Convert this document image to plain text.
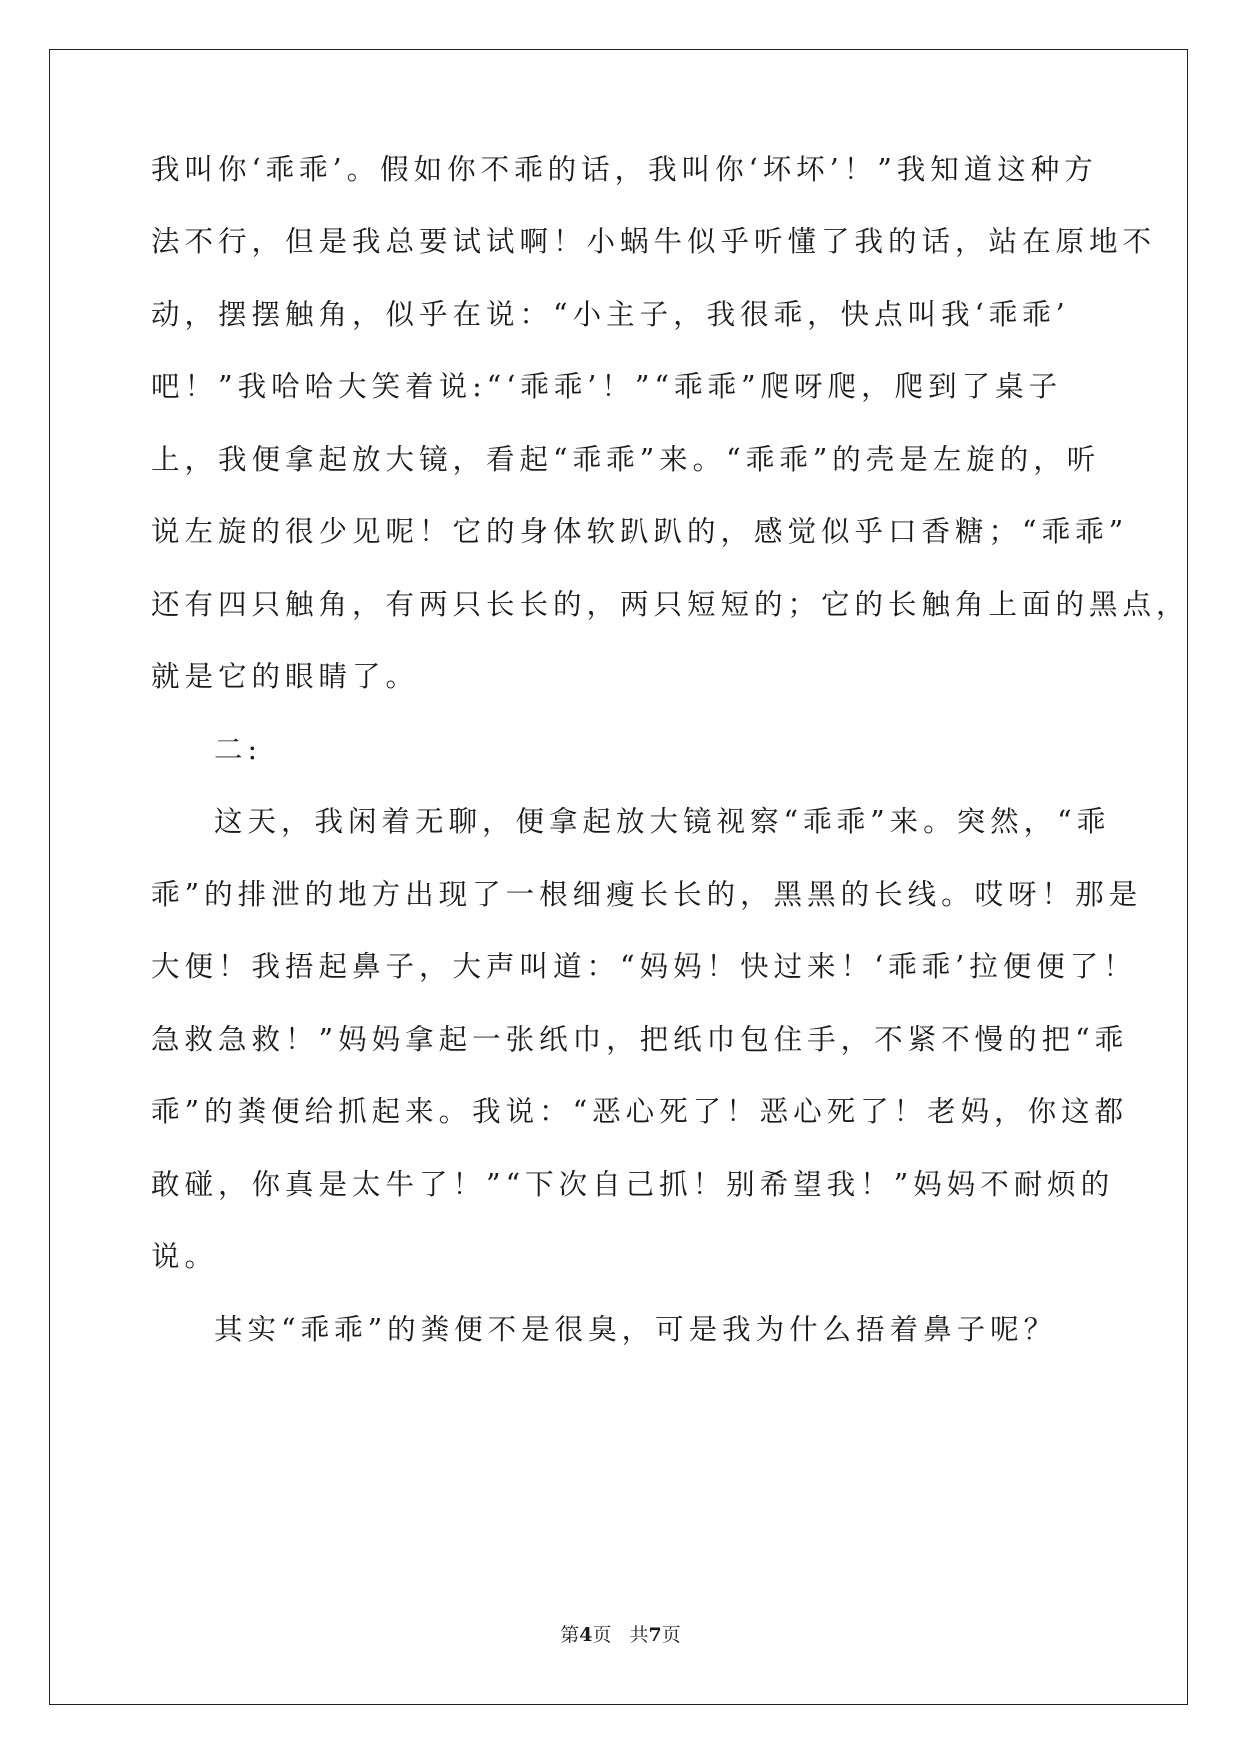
我叫你‘乖乖’。假如你不乖的话，我叫你‘坏坏’！”我知道这种方
法不行，但是我总要试试啊！小蜗牛似乎听懂了我的话，站在原地不
动，摆摆触角，似乎在说：“小主子，我很乖，快点叫我‘乖乖’
吧！”我哈哈大笑着说:“‘乖乖’！”“乖乖”爬呀爬，爬到了桌子
上，我便拿起放大镜，看起“乖乖”来。“乖乖”的壳是左旋的，听
说左旋的很少见呢！它的身体软趴趴的，感觉似乎口香糖；“乖乖”
还有四只触角，有两只长长的，两只短短的；它的长触角上面的黑点，
就是它的眼睛了。
二:
这天，我闲着无聊，便拿起放大镜视察“乖乖”来。突然，“乖
乖”的排泄的地方出现了一根细瘦长长的，黑黑的长线。哎呀！那是
大便！我捂起鼻子，大声叫道：“妈妈！快过来！‘乖乖’拉便便了！
急救急救！”妈妈拿起一张纸巾，把纸巾包住手，不紧不慢的把“乖
乖”的粪便给抓起来。我说：“恶心死了！恶心死了！老妈，你这都
敢碰，你真是太牛了！”“下次自己抓！别希望我！”妈妈不耐烦的
说。
其实“乖乖”的粪便不是很臭，可是我为什么捂着鼻子呢？
第4页 共7页
